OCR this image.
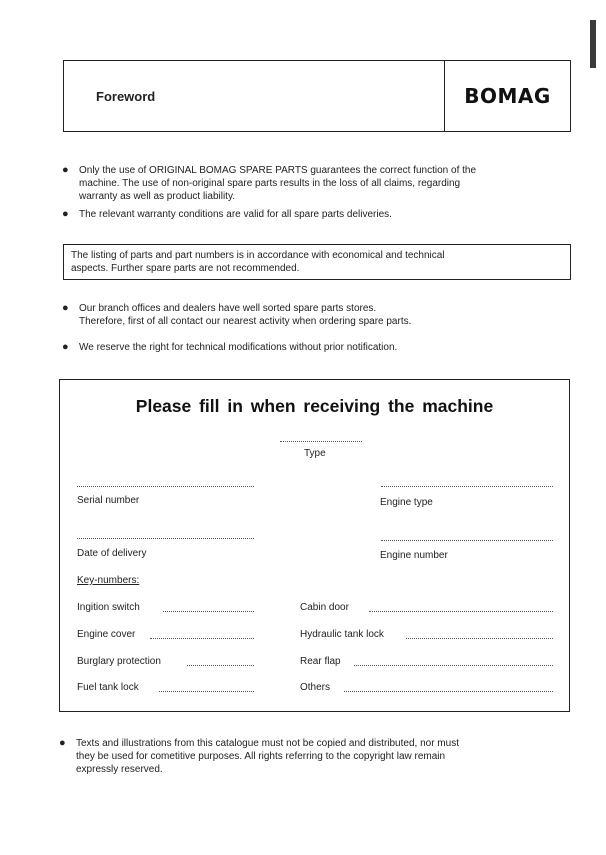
Foreword	BOMAG
●	Only the use of ORIGINAL BOMAG SPARE PARTS guarantees the correct function of the
machine. The use of non-original spare parts results in the loss of all claims, regarding
warranty as well as product liability.
●	The relevant warranty conditions are valid for all spare parts deliveries.
The listing of parts and part numbers is in accordance with economical and technical
aspects. Further spare parts are not recommended.
●	Our branch offices and dealers have well sorted spare parts stores.
Therefore, first of all contact our nearest activity when ordering spare parts.
●	We reserve the right for technical modifications without prior notification.
Please fill in when receiving the machine
Type
Serial number	Engine type
Date of delivery	Engine number
Key-numbers:
Ingition switch	Cabin door
Engine cover	Hydraulic tank lock
Burglary protection	Rear flap
Fuel tank lock	Others
●	Texts and illustrations from this catalogue must not be copied and distributed, nor must
they be used for cometitive purposes. All rights referring to the copyright law remain
expressly reserved.
